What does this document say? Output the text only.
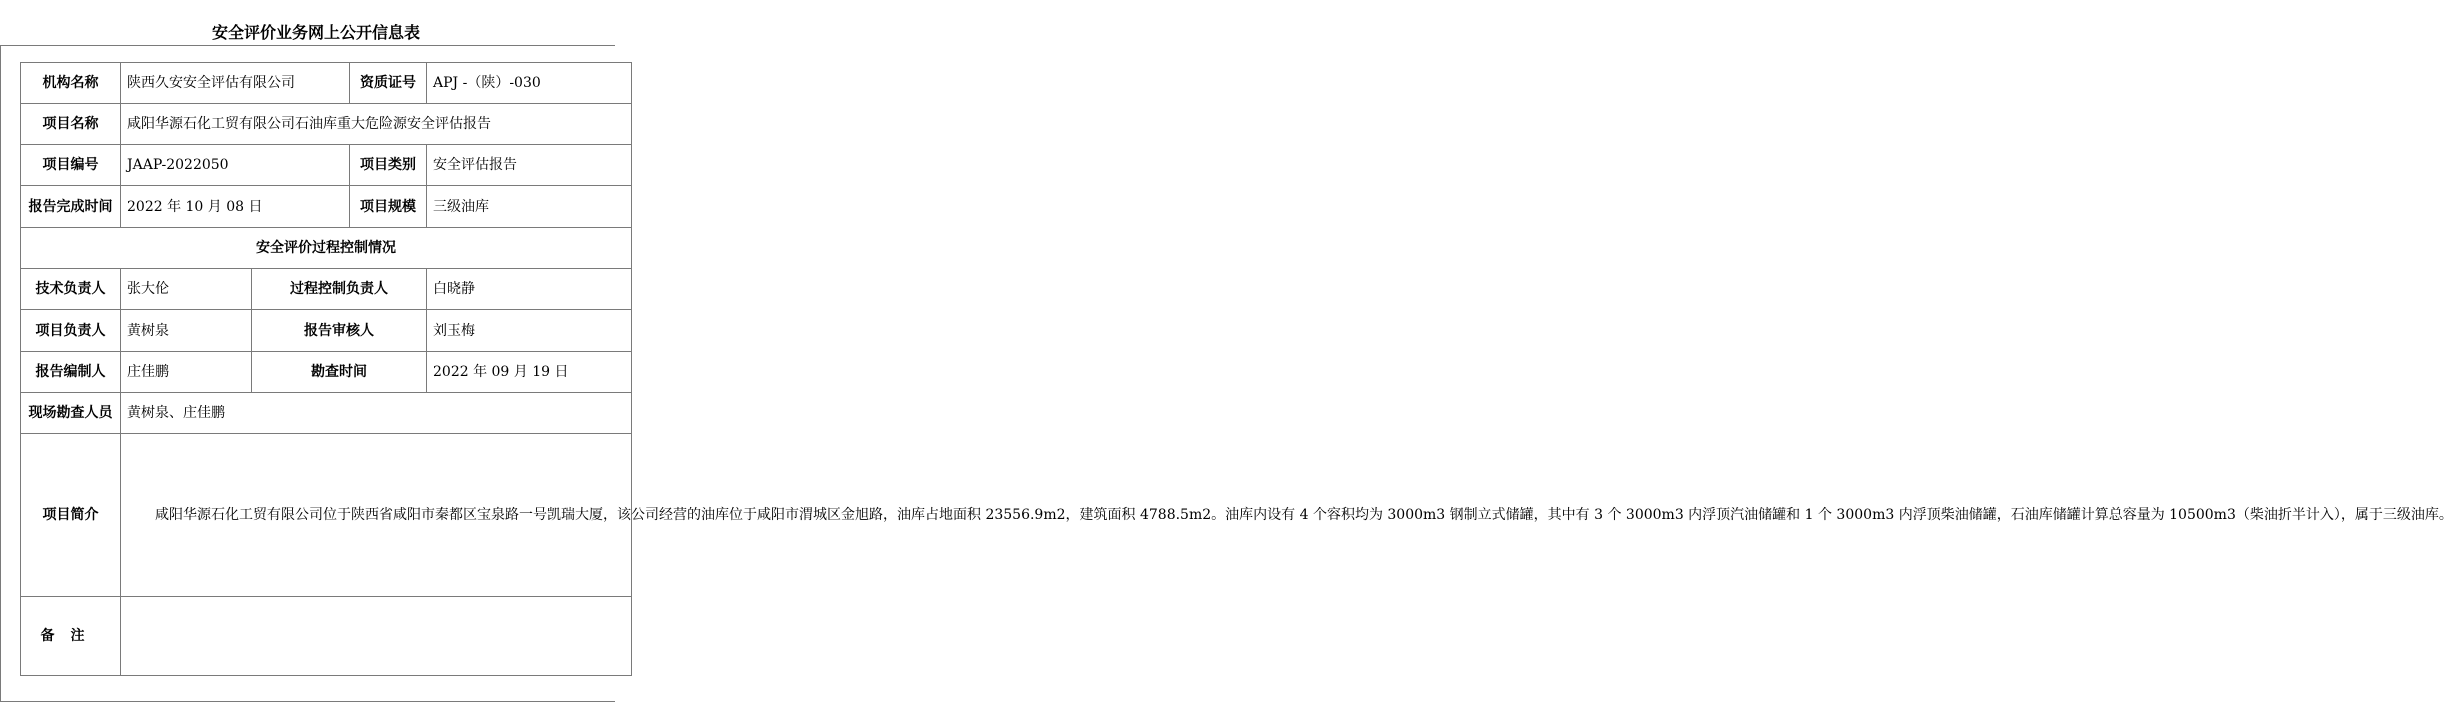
安全评价业务网上公开信息表
机构名称	陕西久安安全评估有限公司		资质证号	APJ -（陕）-030
项目名称	咸阳华源石化工贸有限公司石油库重大危险源安全评估报告			
项目编号	JAAP-2022050		项目类别	安全评估报告
报告完成时间	2022 年 10 月 08 日		项目规模	三级油库
安全评价过程控制情况				
技术负责人	张大伦	过程控制负责人		白晓静
项目负责人	黄树泉	报告审核人		刘玉梅
报告编制人	庄佳鹏	勘查时间		2022 年 09 月 19 日
现场勘查人员	黄树泉、庄佳鹏			
项目简介	咸阳华源石化工贸有限公司位于陕西省咸阳市秦都区宝泉路一号凯瑞大厦，该公司经营的油库位于咸阳市渭城区金旭路，油库占地面积 23556.9m2，建筑面积 4788.5m2。油库内设有 4 个容积均为 3000m3 钢制立式储罐，其中有 3 个 3000m3 内浮顶汽油储罐和 1 个 3000m3 内浮顶柴油储罐，石油库储罐计算总容量为 10500m3（柴油折半计入），属于三级油库。			
备注				
